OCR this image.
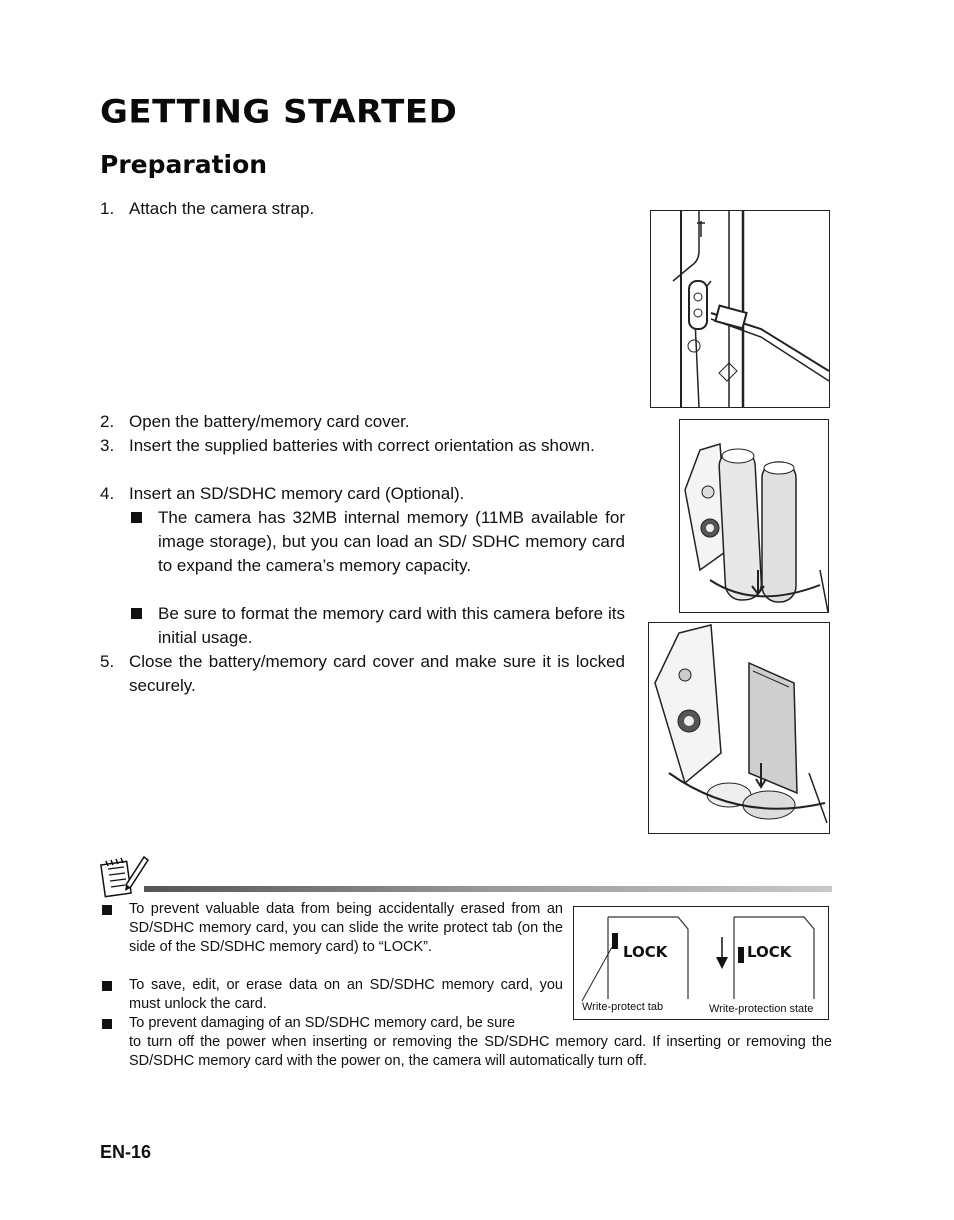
GETTING STARTED
Preparation
1. Attach the camera strap.
2. Open the battery/memory card cover.
3. Insert the supplied batteries with correct orientation as shown.
4. Insert an SD/SDHC memory card (Optional).
The camera has 32MB internal memory (11MB available for image storage), but you can load an SD/ SDHC memory card to expand the camera’s memory capacity.
Be sure to format the memory card with this camera before its initial usage.
5. Close the battery/memory card cover and make sure it is locked securely.
To prevent valuable data from being accidentally erased from an SD/SDHC memory card, you can slide the write protect tab (on the side of the SD/SDHC memory card) to “LOCK”.
To save, edit, or erase data on an SD/SDHC memory card, you must unlock the card.
To prevent damaging of an SD/SDHC memory card, be sure
to turn off the power when inserting or removing the SD/SDHC memory card. If inserting or removing the SD/SDHC memory card with the power on, the camera will automatically turn off.
LOCK	LOCK
Write-protect tab	Write-protection state
EN-16
